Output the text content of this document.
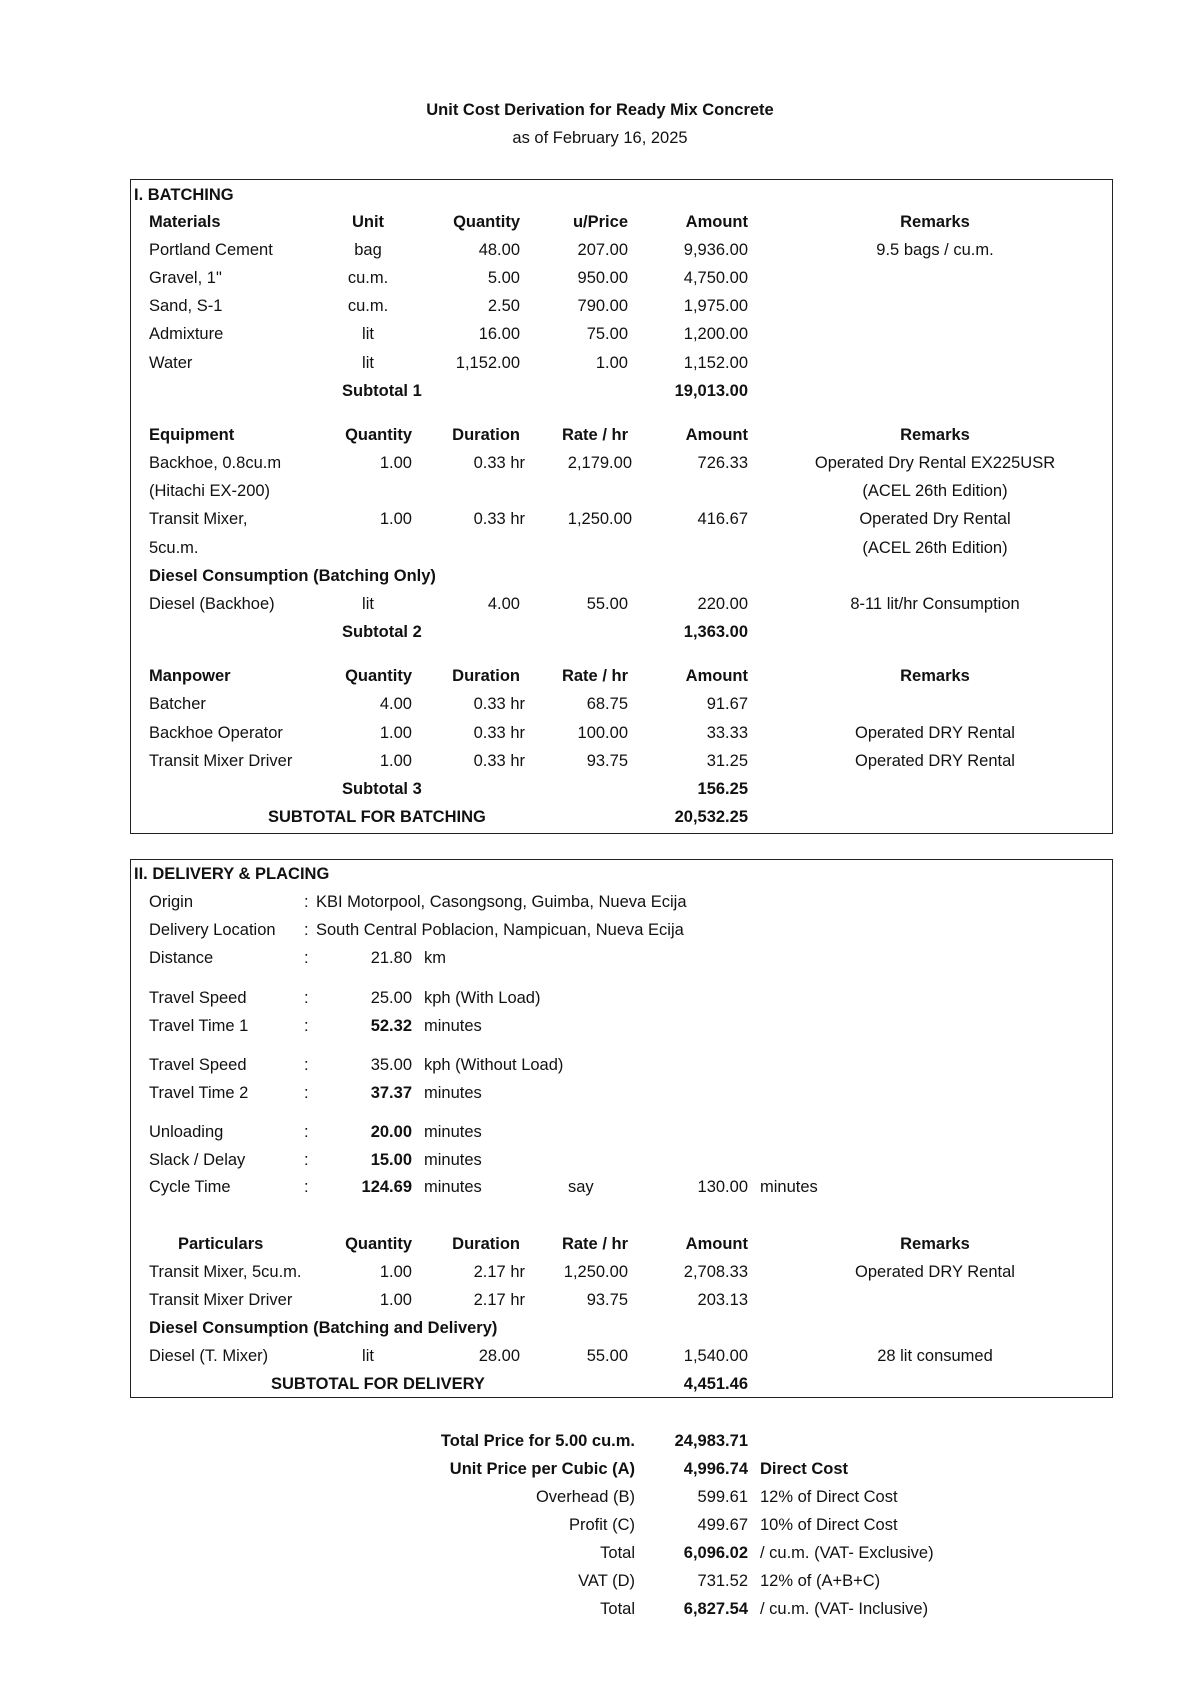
Unit Cost Derivation for Ready Mix Concrete
as of February 16, 2025
I. BATCHING
Materials	Unit	Quantity	u/Price	Amount	Remarks
Portland Cement	bag	48.00	207.00	9,936.00	9.5 bags / cu.m.
Gravel, 1"	cu.m.	5.00	950.00	4,750.00
Sand, S-1	cu.m.	2.50	790.00	1,975.00
Admixture	lit	16.00	75.00	1,200.00
Water	lit	1,152.00	1.00	1,152.00
Subtotal 1	19,013.00
Equipment	Quantity	Duration	Rate / hr	Amount	Remarks
Backhoe, 0.8cu.m	1.00	0.33 hr	2,179.00	726.33	Operated Dry Rental EX225USR
(Hitachi EX-200)	(ACEL 26th Edition)
Transit Mixer,	1.00	0.33 hr	1,250.00	416.67	Operated Dry Rental
5cu.m.	(ACEL 26th Edition)
Diesel Consumption (Batching Only)
Diesel (Backhoe)	lit	4.00	55.00	220.00	8-11 lit/hr Consumption
Subtotal 2	1,363.00
Manpower	Quantity	Duration	Rate / hr	Amount	Remarks
Batcher	4.00	0.33 hr	68.75	91.67
Backhoe Operator	1.00	0.33 hr	100.00	33.33	Operated DRY Rental
Transit Mixer Driver	1.00	0.33 hr	93.75	31.25	Operated DRY Rental
Subtotal 3	156.25
SUBTOTAL FOR BATCHING	20,532.25
II. DELIVERY & PLACING
Origin	: KBI Motorpool, Casongsong, Guimba, Nueva Ecija
Delivery Location : South Central Poblacion, Nampicuan, Nueva Ecija
Distance	:	21.80 km
Travel Speed	:	25.00 kph (With Load)
Travel Time 1	:	52.32 minutes
Travel Speed	:	35.00 kph (Without Load)
Travel Time 2	:	37.37 minutes
Unloading	:	20.00 minutes
Slack / Delay	:	15.00 minutes
Cycle Time	:	124.69 minutes	say	130.00 minutes
Particulars	Quantity	Duration	Rate / hr	Amount	Remarks
Transit Mixer, 5cu.m.	1.00	2.17 hr	1,250.00	2,708.33	Operated DRY Rental
Transit Mixer Driver	1.00	2.17 hr	93.75	203.13
Diesel Consumption (Batching and Delivery)
Diesel (T. Mixer)	lit	28.00	55.00	1,540.00	28 lit consumed
SUBTOTAL FOR DELIVERY	4,451.46
Total Price for 5.00 cu.m.	24,983.71
Unit Price per Cubic (A)	4,996.74 Direct Cost
Overhead (B)	599.61 12% of Direct Cost
Profit (C)	499.67 10% of Direct Cost
Total	6,096.02 / cu.m. (VAT- Exclusive)
VAT (D)	731.52 12% of (A+B+C)
Total	6,827.54 / cu.m. (VAT- Inclusive)
